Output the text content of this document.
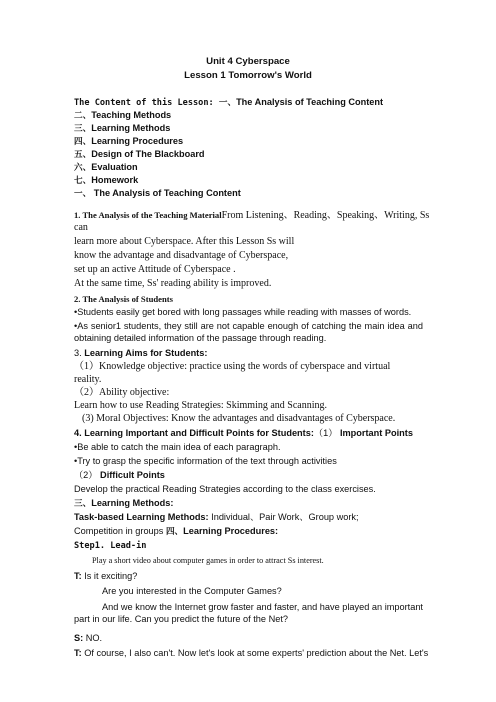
Unit 4 Cyberspace
Lesson 1 Tomorrow's World
The Content of this Lesson: 一、The Analysis of Teaching Content
二、Teaching Methods
三、Learning Methods
四、Learning Procedures
五、Design of The Blackboard
六、Evaluation
七、Homework
一、 The Analysis of Teaching Content
1. The Analysis of the Teaching MaterialFrom Listening、Reading、Speaking、Writing, Ss
can
learn more about Cyberspace. After this Lesson Ss will
know the advantage and disadvantage of Cyberspace,
set up an active Attitude of Cyberspace .
At the same time, Ss' reading ability is improved.
2. The Analysis of Students
•Students easily get bored with long passages while reading with masses of words.
•As senior1 students, they still are not capable enough of catching the main idea and obtaining detailed information of the passage through reading.
3. Learning Aims for Students:
（1）Knowledge objective: practice using the words of cyberspace and virtual
reality.
（2）Ability objective:
Learn how to use Reading Strategies: Skimming and Scanning.
(3) Moral Objectives: Know the advantages and disadvantages of Cyberspace.
4. Learning Important and Difficult Points for Students:（1） Important Points
•Be able to catch the main idea of each paragraph.
•Try to grasp the specific information of the text through activities
（2） Difficult Points
Develop the practical Reading Strategies according to the class exercises.
三、Learning Methods:
Task-based Learning Methods: Individual、Pair Work、Group work;
Competition in groups 四、Learning Procedures:
Step1. Lead-in
Play a short video about computer games in order to attract Ss interest.
T: Is it exciting?
Are you interested in the Computer Games?
And we know the Internet grow faster and faster, and have played an important part in our life. Can you predict the future of the Net?
S: NO.
T: Of course, I also can't. Now let's look at some experts' prediction about the Net. Let's
